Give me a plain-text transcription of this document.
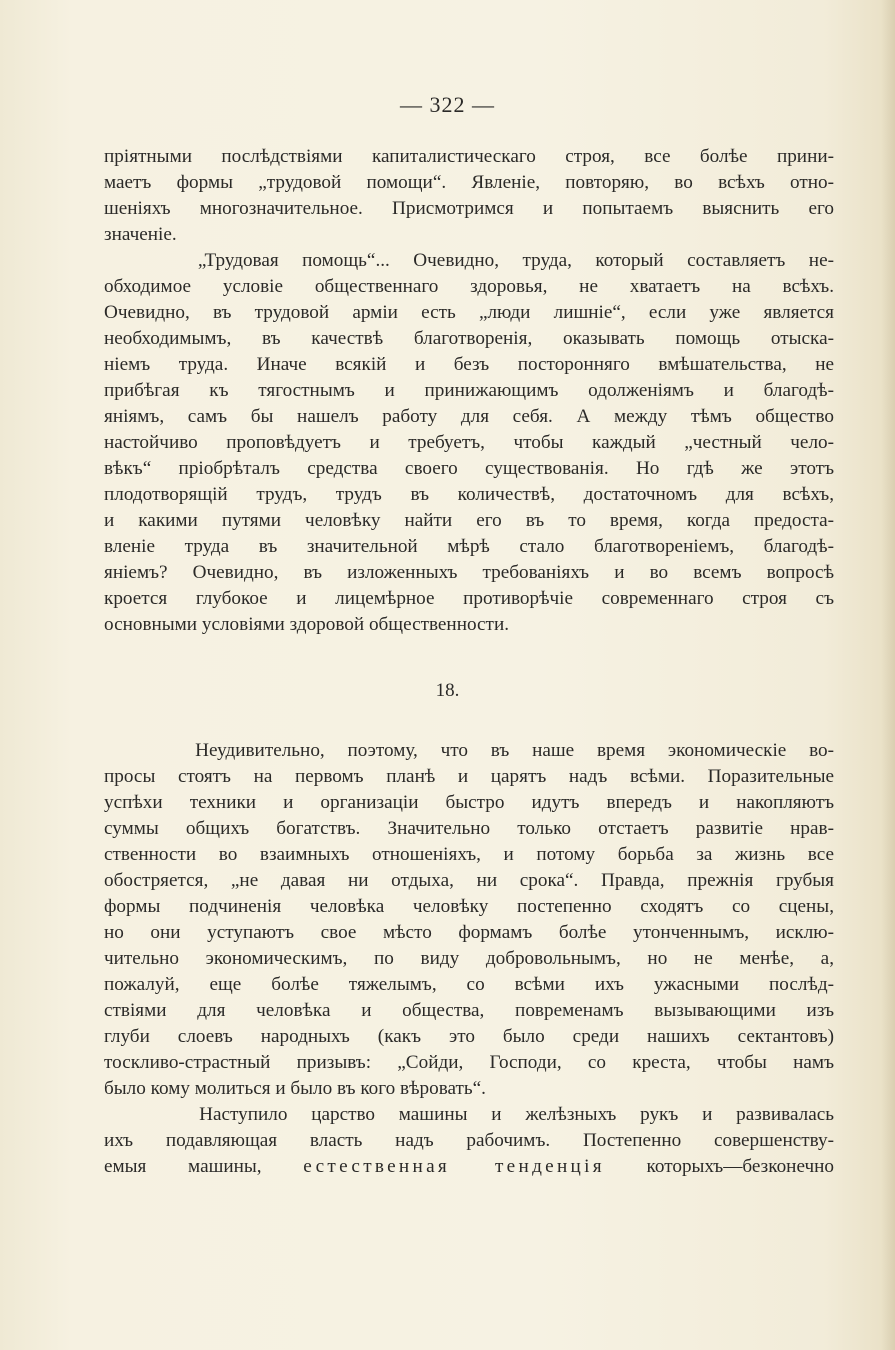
— 322 —
пріятными послѣдствіями капиталистическаго строя, все болѣе прини-
маетъ формы „трудовой помощи“. Явленіе, повторяю, во всѣхъ отно-
шеніяхъ многозначительное. Присмотримся и попытаемъ выяснить его
значеніе.
„Трудовая помощь“... Очевидно, труда, который составляетъ не-
обходимое условіе общественнаго здоровья, не хватаетъ на всѣхъ.
Очевидно, въ трудовой арміи есть „люди лишніе“, если уже является
необходимымъ, въ качествѣ благотворенія, оказывать помощь отыска-
ніемъ труда. Иначе всякій и безъ посторонняго вмѣшательства, не
прибѣгая къ тягостнымъ и принижающимъ одолженіямъ и благодѣ-
яніямъ, самъ бы нашелъ работу для себя. А между тѣмъ общество
настойчиво проповѣдуетъ и требуетъ, чтобы каждый „честный чело-
вѣкъ“ пріобрѣталъ средства своего существованія. Но гдѣ же этотъ
плодотворящій трудъ, трудъ въ количествѣ, достаточномъ для всѣхъ,
и какими путями человѣку найти его въ то время, когда предоста-
вленіе труда въ значительной мѣрѣ стало благотвореніемъ, благодѣ-
яніемъ? Очевидно, въ изложенныхъ требованіяхъ и во всемъ вопросѣ
кроется глубокое и лицемѣрное противорѣчіе современнаго строя съ
основными условіями здоровой общественности.
18.
Неудивительно, поэтому, что въ наше время экономическіе во-
просы стоятъ на первомъ планѣ и царятъ надъ всѣми. Поразительные
успѣхи техники и организаціи быстро идутъ впередъ и накопляютъ
суммы общихъ богатствъ. Значительно только отстаетъ развитіе нрав-
ственности во взаимныхъ отношеніяхъ, и потому борьба за жизнь все
обостряется, „не давая ни отдыха, ни срока“. Правда, прежнія грубыя
формы подчиненія человѣка человѣку постепенно сходятъ со сцены,
но они уступаютъ свое мѣсто формамъ болѣе утонченнымъ, исклю-
чительно экономическимъ, по виду добровольнымъ, но не менѣе, а,
пожалуй, еще болѣе тяжелымъ, со всѣми ихъ ужасными послѣд-
ствіями для человѣка и общества, повременамъ вызывающими изъ
глуби слоевъ народныхъ (какъ это было среди нашихъ сектантовъ)
тоскливо-страстный призывъ: „Сойди, Господи, со креста, чтобы намъ
было кому молиться и было въ кого вѣровать“.
Наступило царство машины и желѣзныхъ рукъ и развивалась
ихъ подавляющая власть надъ рабочимъ. Постепенно совершенству-
емыя машины, естественная тенденція которыхъ—безконечно
